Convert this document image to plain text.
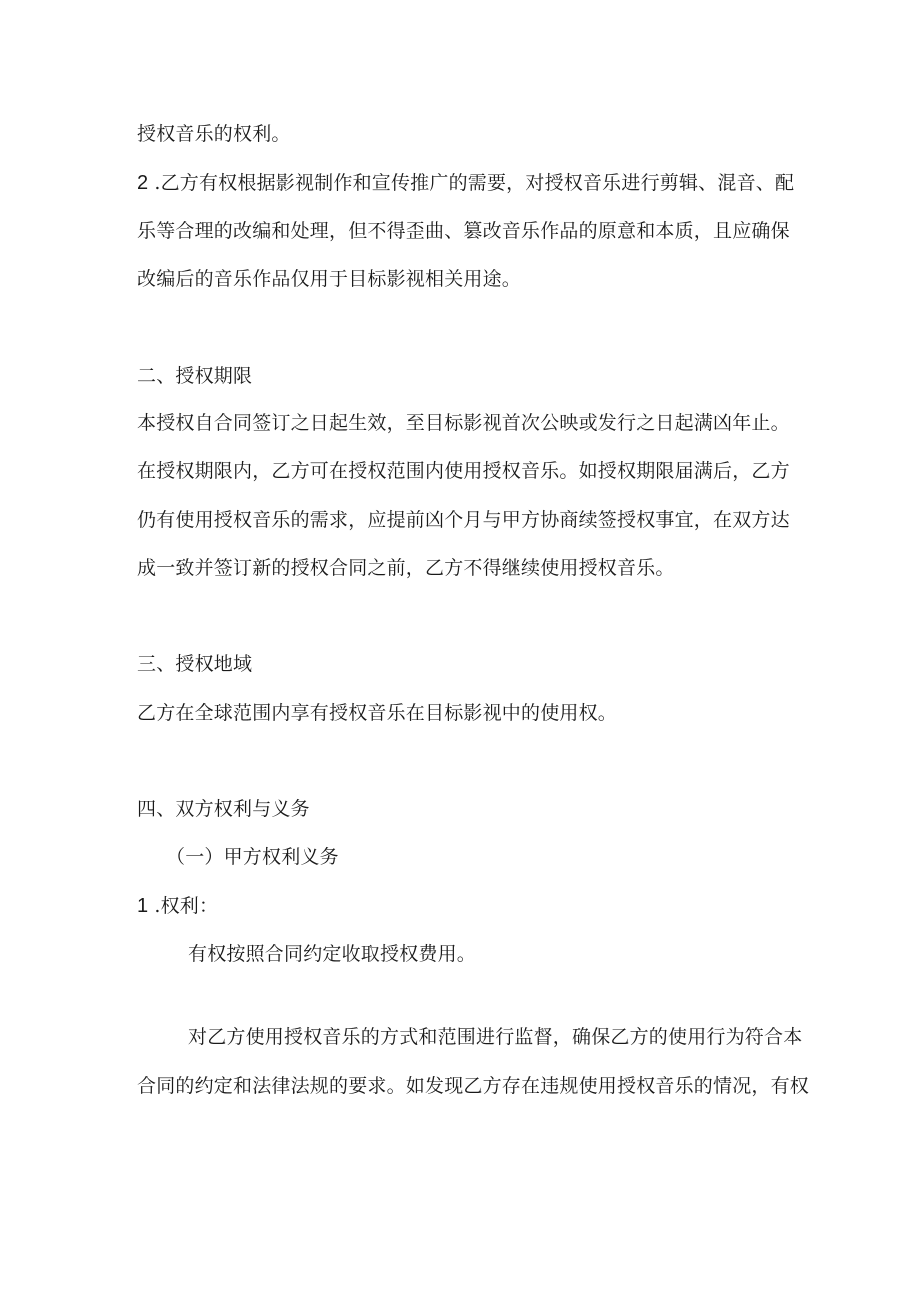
授权音乐的权利。
2 .乙方有权根据影视制作和宣传推广的需要，对授权音乐进行剪辑、混音、配
乐等合理的改编和处理，但不得歪曲、篡改音乐作品的原意和本质，且应确保
改编后的音乐作品仅用于目标影视相关用途。
二、授权期限
本授权自合同签订之日起生效，至目标影视首次公映或发行之日起满凶年止。
在授权期限内，乙方可在授权范围内使用授权音乐。如授权期限届满后，乙方
仍有使用授权音乐的需求，应提前凶个月与甲方协商续签授权事宜，在双方达
成一致并签订新的授权合同之前，乙方不得继续使用授权音乐。
三、授权地域
乙方在全球范围内享有授权音乐在目标影视中的使用权。
四、双方权利与义务
（一）甲方权利义务
1 .权利：
有权按照合同约定收取授权费用。
对乙方使用授权音乐的方式和范围进行监督，确保乙方的使用行为符合本
合同的约定和法律法规的要求。如发现乙方存在违规使用授权音乐的情况，有权
